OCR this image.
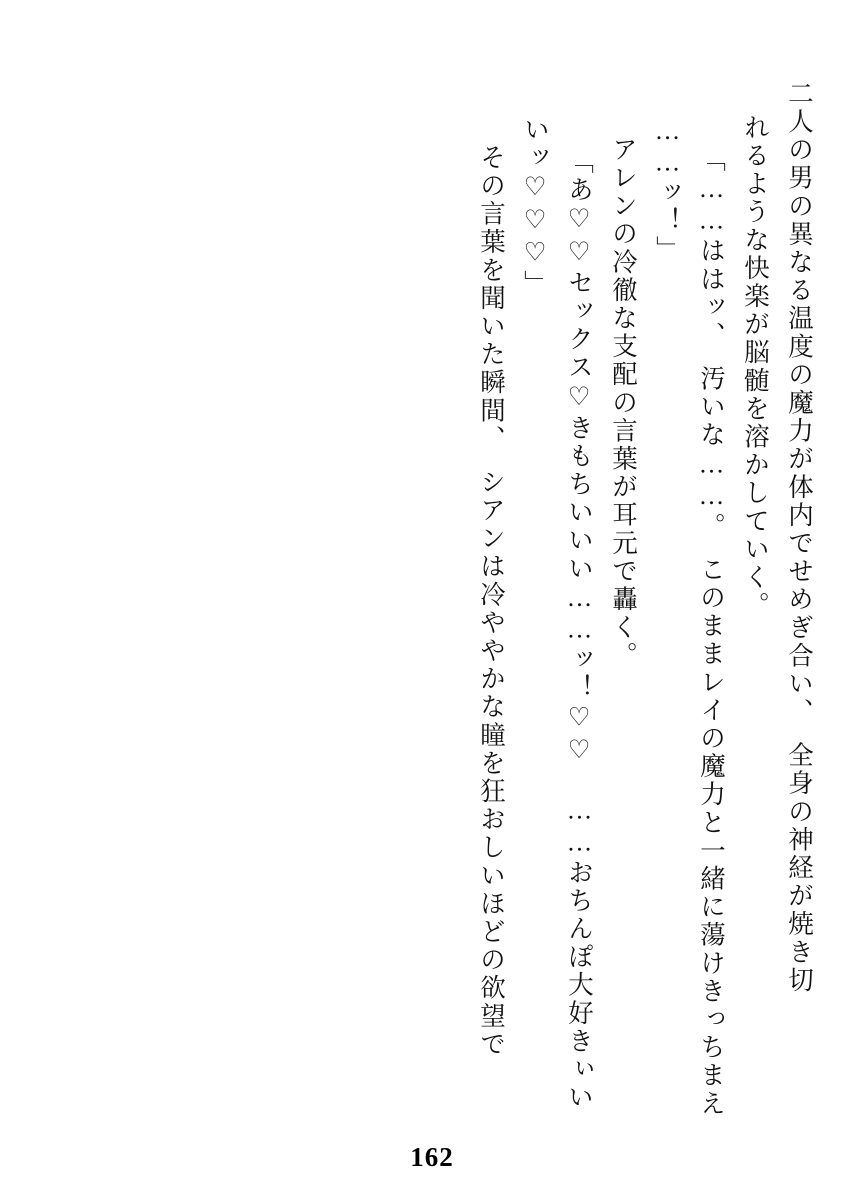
二人の男の異なる温度の魔力が体内でせめぎ合い、　全身の神経が焼き切
れるような快楽が脳髄を溶かしていく。
「……ははッ、　汚いな……。　このままレイの魔力と一緒に蕩けきっちまえ
……ッ！」
アレンの冷徹な支配の言葉が耳元で轟く。
「あ♡♡セックス♡きもちいいい……ッ！♡♡　……おちんぽ大好きぃい
いッ♡♡♡」
その言葉を聞いた瞬間、　シアンは冷ややかな瞳を狂おしいほどの欲望で
162
